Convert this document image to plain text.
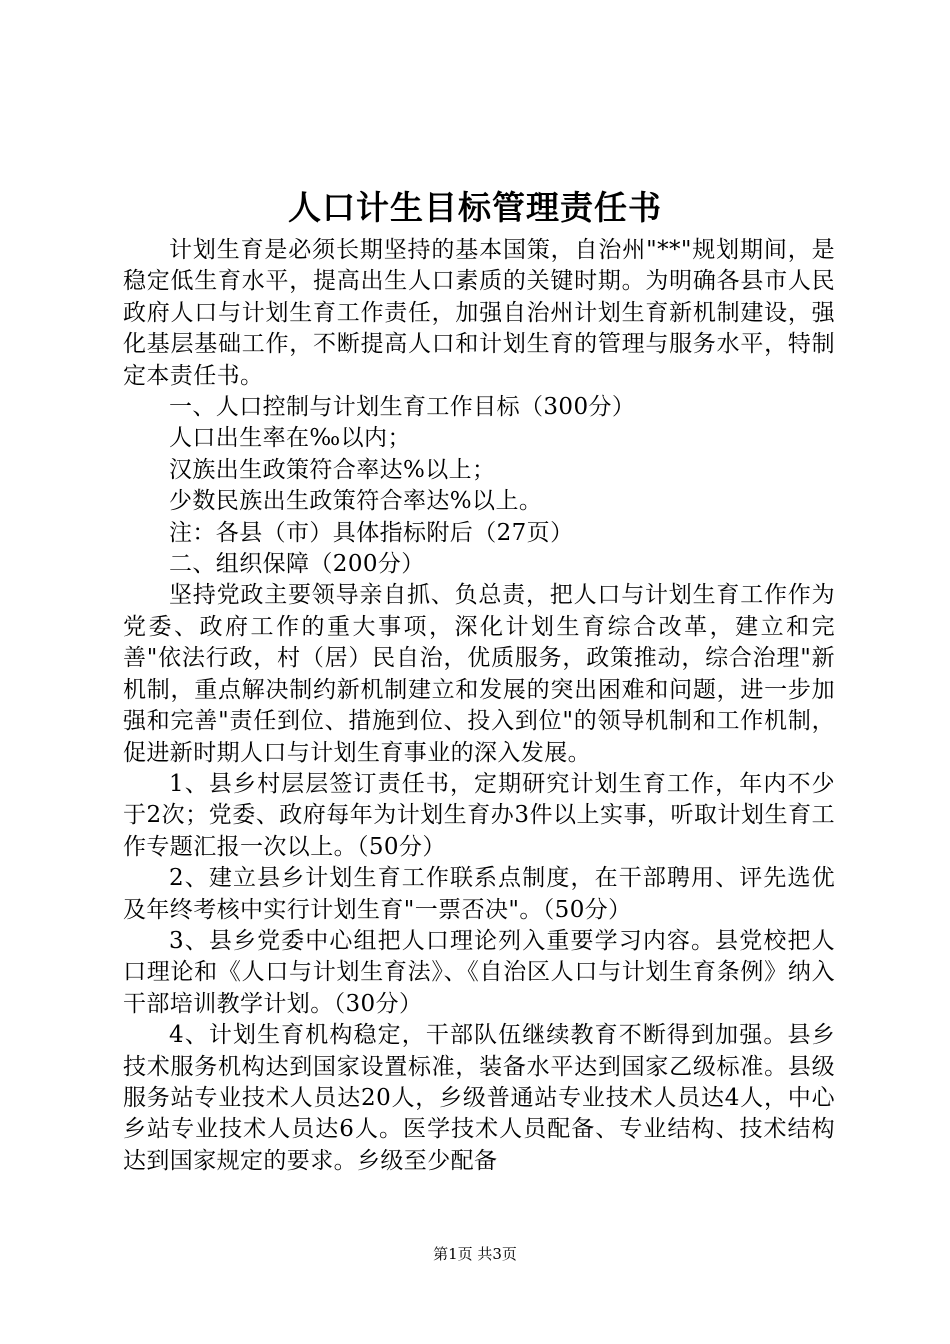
人口计生目标管理责任书

计划生育是必须长期坚持的基本国策，自治州"**"规划期间，是稳定低生育水平，提高出生人口素质的关键时期。为明确各县市人民政府人口与计划生育工作责任，加强自治州计划生育新机制建设，强化基层基础工作，不断提高人口和计划生育的管理与服务水平，特制定本责任书。

一、人口控制与计划生育工作目标（300分）

人口出生率在‰以内；

汉族出生政策符合率达%以上；

少数民族出生政策符合率达%以上。

注：各县（市）具体指标附后（27页）

二、组织保障（200分）

坚持党政主要领导亲自抓、负总责，把人口与计划生育工作作为党委、政府工作的重大事项，深化计划生育综合改革，建立和完善"依法行政，村（居）民自治，优质服务，政策推动，综合治理"新机制，重点解决制约新机制建立和发展的突出困难和问题，进一步加强和完善"责任到位、措施到位、投入到位"的领导机制和工作机制，促进新时期人口与计划生育事业的深入发展。

1、县乡村层层签订责任书，定期研究计划生育工作，年内不少于2次；党委、政府每年为计划生育办3件以上实事，听取计划生育工作专题汇报一次以上。（50分）

2、建立县乡计划生育工作联系点制度，在干部聘用、评先选优及年终考核中实行计划生育"一票否决"。（50分）

3、县乡党委中心组把人口理论列入重要学习内容。县党校把人口理论和《人口与计划生育法》、《自治区人口与计划生育条例》纳入干部培训教学计划。（30分）

4、计划生育机构稳定，干部队伍继续教育不断得到加强。县乡技术服务机构达到国家设置标准，装备水平达到国家乙级标准。县级服务站专业技术人员达20人，乡级普通站专业技术人员达4人，中心乡站专业技术人员达6人。医学技术人员配备、专业结构、技术结构达到国家规定的要求。乡级至少配备

第1页 共3页
